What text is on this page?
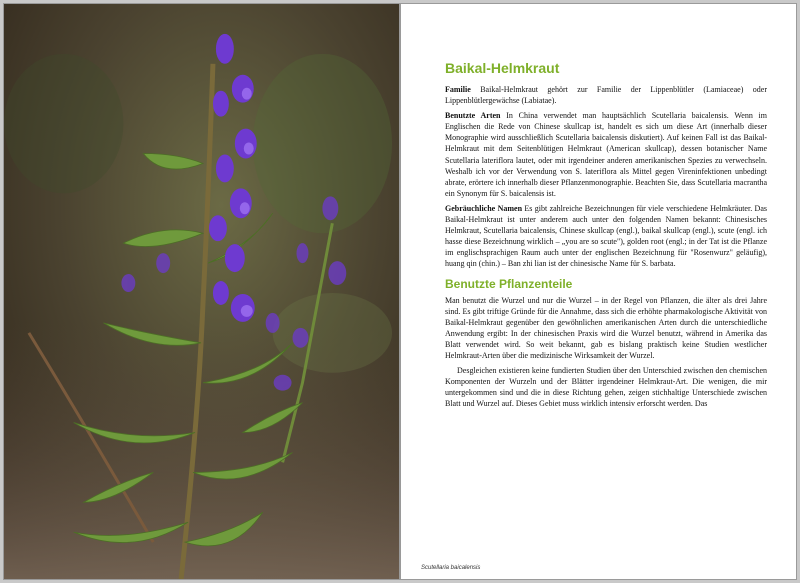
Baikal-Helmkraut

Familie Baikal-Helmkraut gehört zur Familie der Lippenblütler (Lamiaceae) oder Lippenblütlergewächse (Labiatae).

Benutzte Arten In China verwendet man hauptsächlich Scutellaria baicalensis. Wenn im Englischen die Rede von Chinese skullcap ist, handelt es sich um diese Art (innerhalb dieser Monographie wird ausschließlich Scutellaria baicalensis diskutiert). Auf keinen Fall ist das Baikal-Helmkraut mit dem Seitenblütigen Helmkraut (American skullcap), dessen botanischer Name Scutellaria lateriflora lautet, oder mit irgendeiner anderen amerikanischen Spezies zu verwechseln. Weshalb ich vor der Verwendung von S. lateriflora als Mittel gegen Vireninfektionen unbedingt abrate, erörtere ich innerhalb dieser Pflanzenmonographie. Beachten Sie, dass Scutellaria macrantha ein Synonym für S. baicalensis ist.

Gebräuchliche Namen Es gibt zahlreiche Bezeichnungen für viele verschiedene Helmkräuter. Das Baikal-Helmkraut ist unter anderem auch unter den folgenden Namen bekannt: Chinesisches Helmkraut, Scutellaria baicalensis, Chinese skullcap (engl.), baikal skullcap (engl.), scute (engl. ich hasse diese Bezeichnung wirklich – „you are so scute"), golden root (engl.; in der Tat ist die Pflanze im englischsprachigen Raum auch unter der englischen Bezeichnung für "Rosenwurz" geläufig), huang qin (chin.) – Ban zhi lian ist der chinesische Name für S. barbata.

Benutzte Pflanzenteile

Man benutzt die Wurzel und nur die Wurzel – in der Regel von Pflanzen, die älter als drei Jahre sind. Es gibt triftige Gründe für die Annahme, dass sich die erhöhte pharmakologische Aktivität von Baikal-Helmkraut gegenüber den gewöhnlichen amerikanischen Arten durch die unterschiedliche Anwendung ergibt: In der chinesischen Praxis wird die Wurzel benutzt, während in Amerika das Blatt verwendet wird. So weit bekannt, gab es bislang praktisch keine Studien westlicher Helmkraut-Arten über die medizinische Wirksamkeit der Wurzel.

Desgleichen existieren keine fundierten Studien über den Unterschied zwischen den chemischen Komponenten der Wurzeln und der Blätter irgendeiner Helmkraut-Art. Die wenigen, die mir untergekommen sind und die in diese Richtung gehen, zeigen stichhaltige Unterschiede zwischen Blatt und Wurzel auf. Dieses Gebiet muss wirklich intensiv erforscht werden. Das

Scutellaria baicalensis
